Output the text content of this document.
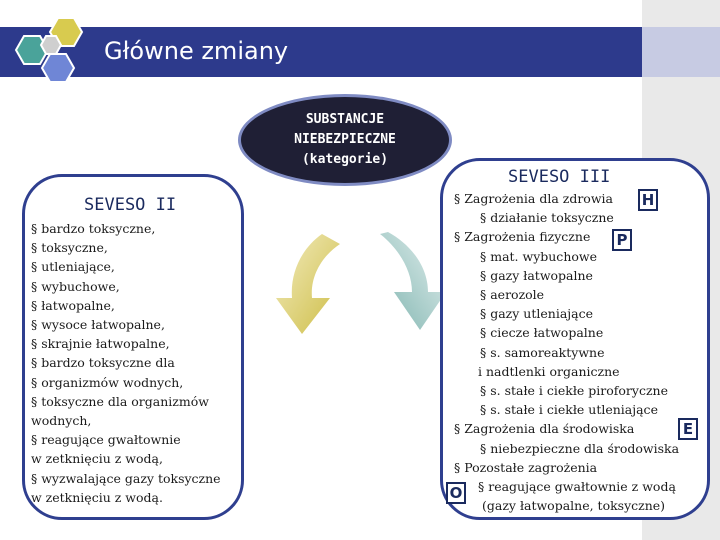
Główne zmiany
SUBSTANCJE
NIEBEZPIECZNE
(kategorie)
SEVESO II
SEVESO III
§ bardzo toksyczne,
§ toksyczne,
§ utleniające,
§ wybuchowe,
§ łatwopalne,
§ wysoce łatwopalne,
§ skrajnie łatwopalne,
§ bardzo toksyczne dla
§ organizmów wodnych,
§ toksyczne dla organizmów
wodnych,
§ reagujące gwałtownie
w zetknięciu z wodą,
§ wyzwalające gazy toksyczne
w zetknięciu z wodą.
§ Zagrożenia dla zdrowia
§ działanie toksyczne
§ Zagrożenia fizyczne
§ mat. wybuchowe
§ gazy łatwopalne
§ aerozole
§ gazy utleniające
§ ciecze łatwopalne
§ s. samoreaktywne
i nadtlenki organiczne
§ s. stałe i ciekłe piroforyczne
§ s. stałe i ciekłe utleniające
§ Zagrożenia dla środowiska
§ niebezpieczne dla środowiska
§ Pozostałe zagrożenia
§ reagujące gwałtownie z wodą
(gazy łatwopalne, toksyczne)
H
P
E
O
